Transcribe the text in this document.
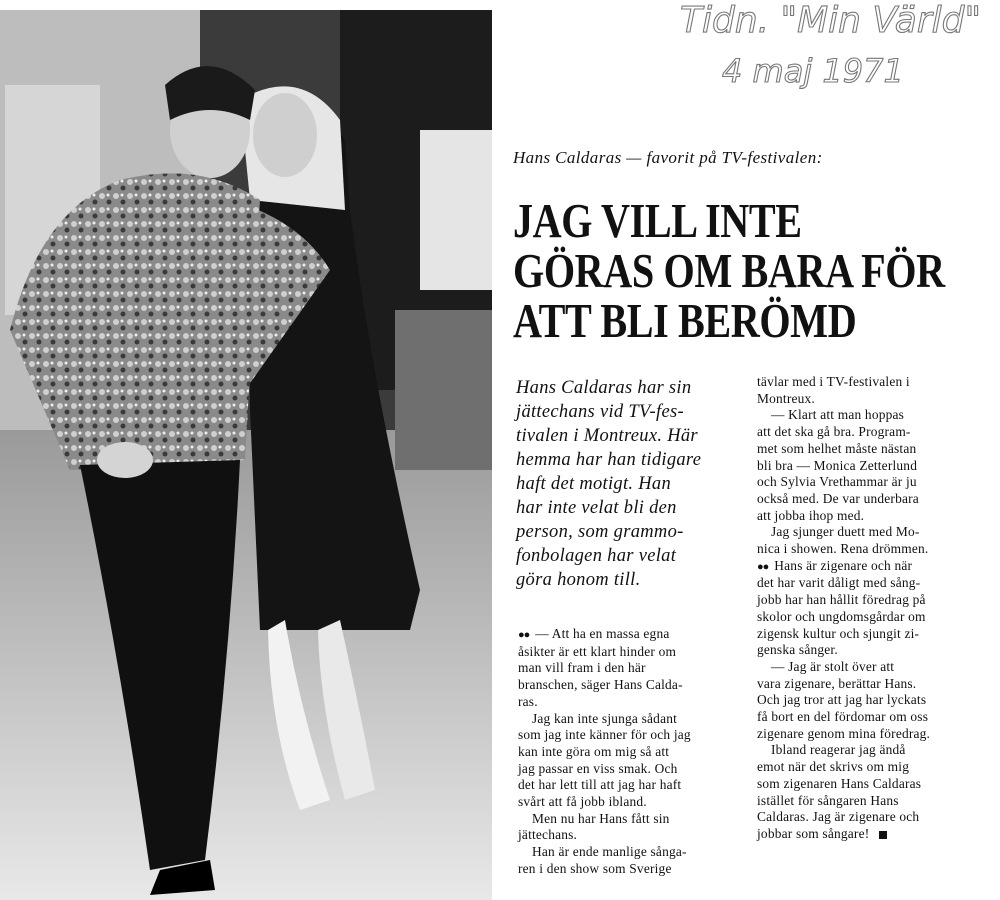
Tidn. "Min Värld"
4 maj 1971

Hans Caldaras — favorit på TV-festivalen:

JAG VILL INTE
GÖRAS OM BARA FÖR
ATT BLI BERÖMD

Hans Caldaras har sin
jättechans vid TV-fes-
tivalen i Montreux. Här
hemma har han tidigare
haft det motigt. Han
har inte velat bli den
person, som grammo-
fonbolagen har velat
göra honom till.

●● — Att ha en massa egna
åsikter är ett klart hinder om
man vill fram i den här
branschen, säger Hans Calda-
ras.
Jag kan inte sjunga sådant
som jag inte känner för och jag
kan inte göra om mig så att
jag passar en viss smak. Och
det har lett till att jag har haft
svårt att få jobb ibland.
Men nu har Hans fått sin
jättechans.
Han är ende manlige sånga-
ren i den show som Sverige
tävlar med i TV-festivalen i
Montreux.
— Klart att man hoppas
att det ska gå bra. Program-
met som helhet måste nästan
bli bra — Monica Zetterlund
och Sylvia Vrethammar är ju
också med. De var underbara
att jobba ihop med.
Jag sjunger duett med Mo-
nica i showen. Rena drömmen.
●● Hans är zigenare och när
det har varit dåligt med sång-
jobb har han hållit föredrag på
skolor och ungdomsgårdar om
zigensk kultur och sjungit zi-
genska sånger.
— Jag är stolt över att
vara zigenare, berättar Hans.
Och jag tror att jag har lyckats
få bort en del fördomar om oss
zigenare genom mina föredrag.
Ibland reagerar jag ändå
emot när det skrivs om mig
som zigenaren Hans Caldaras
istället för sångaren Hans
Caldaras. Jag är zigenare och
jobbar som sångare!
